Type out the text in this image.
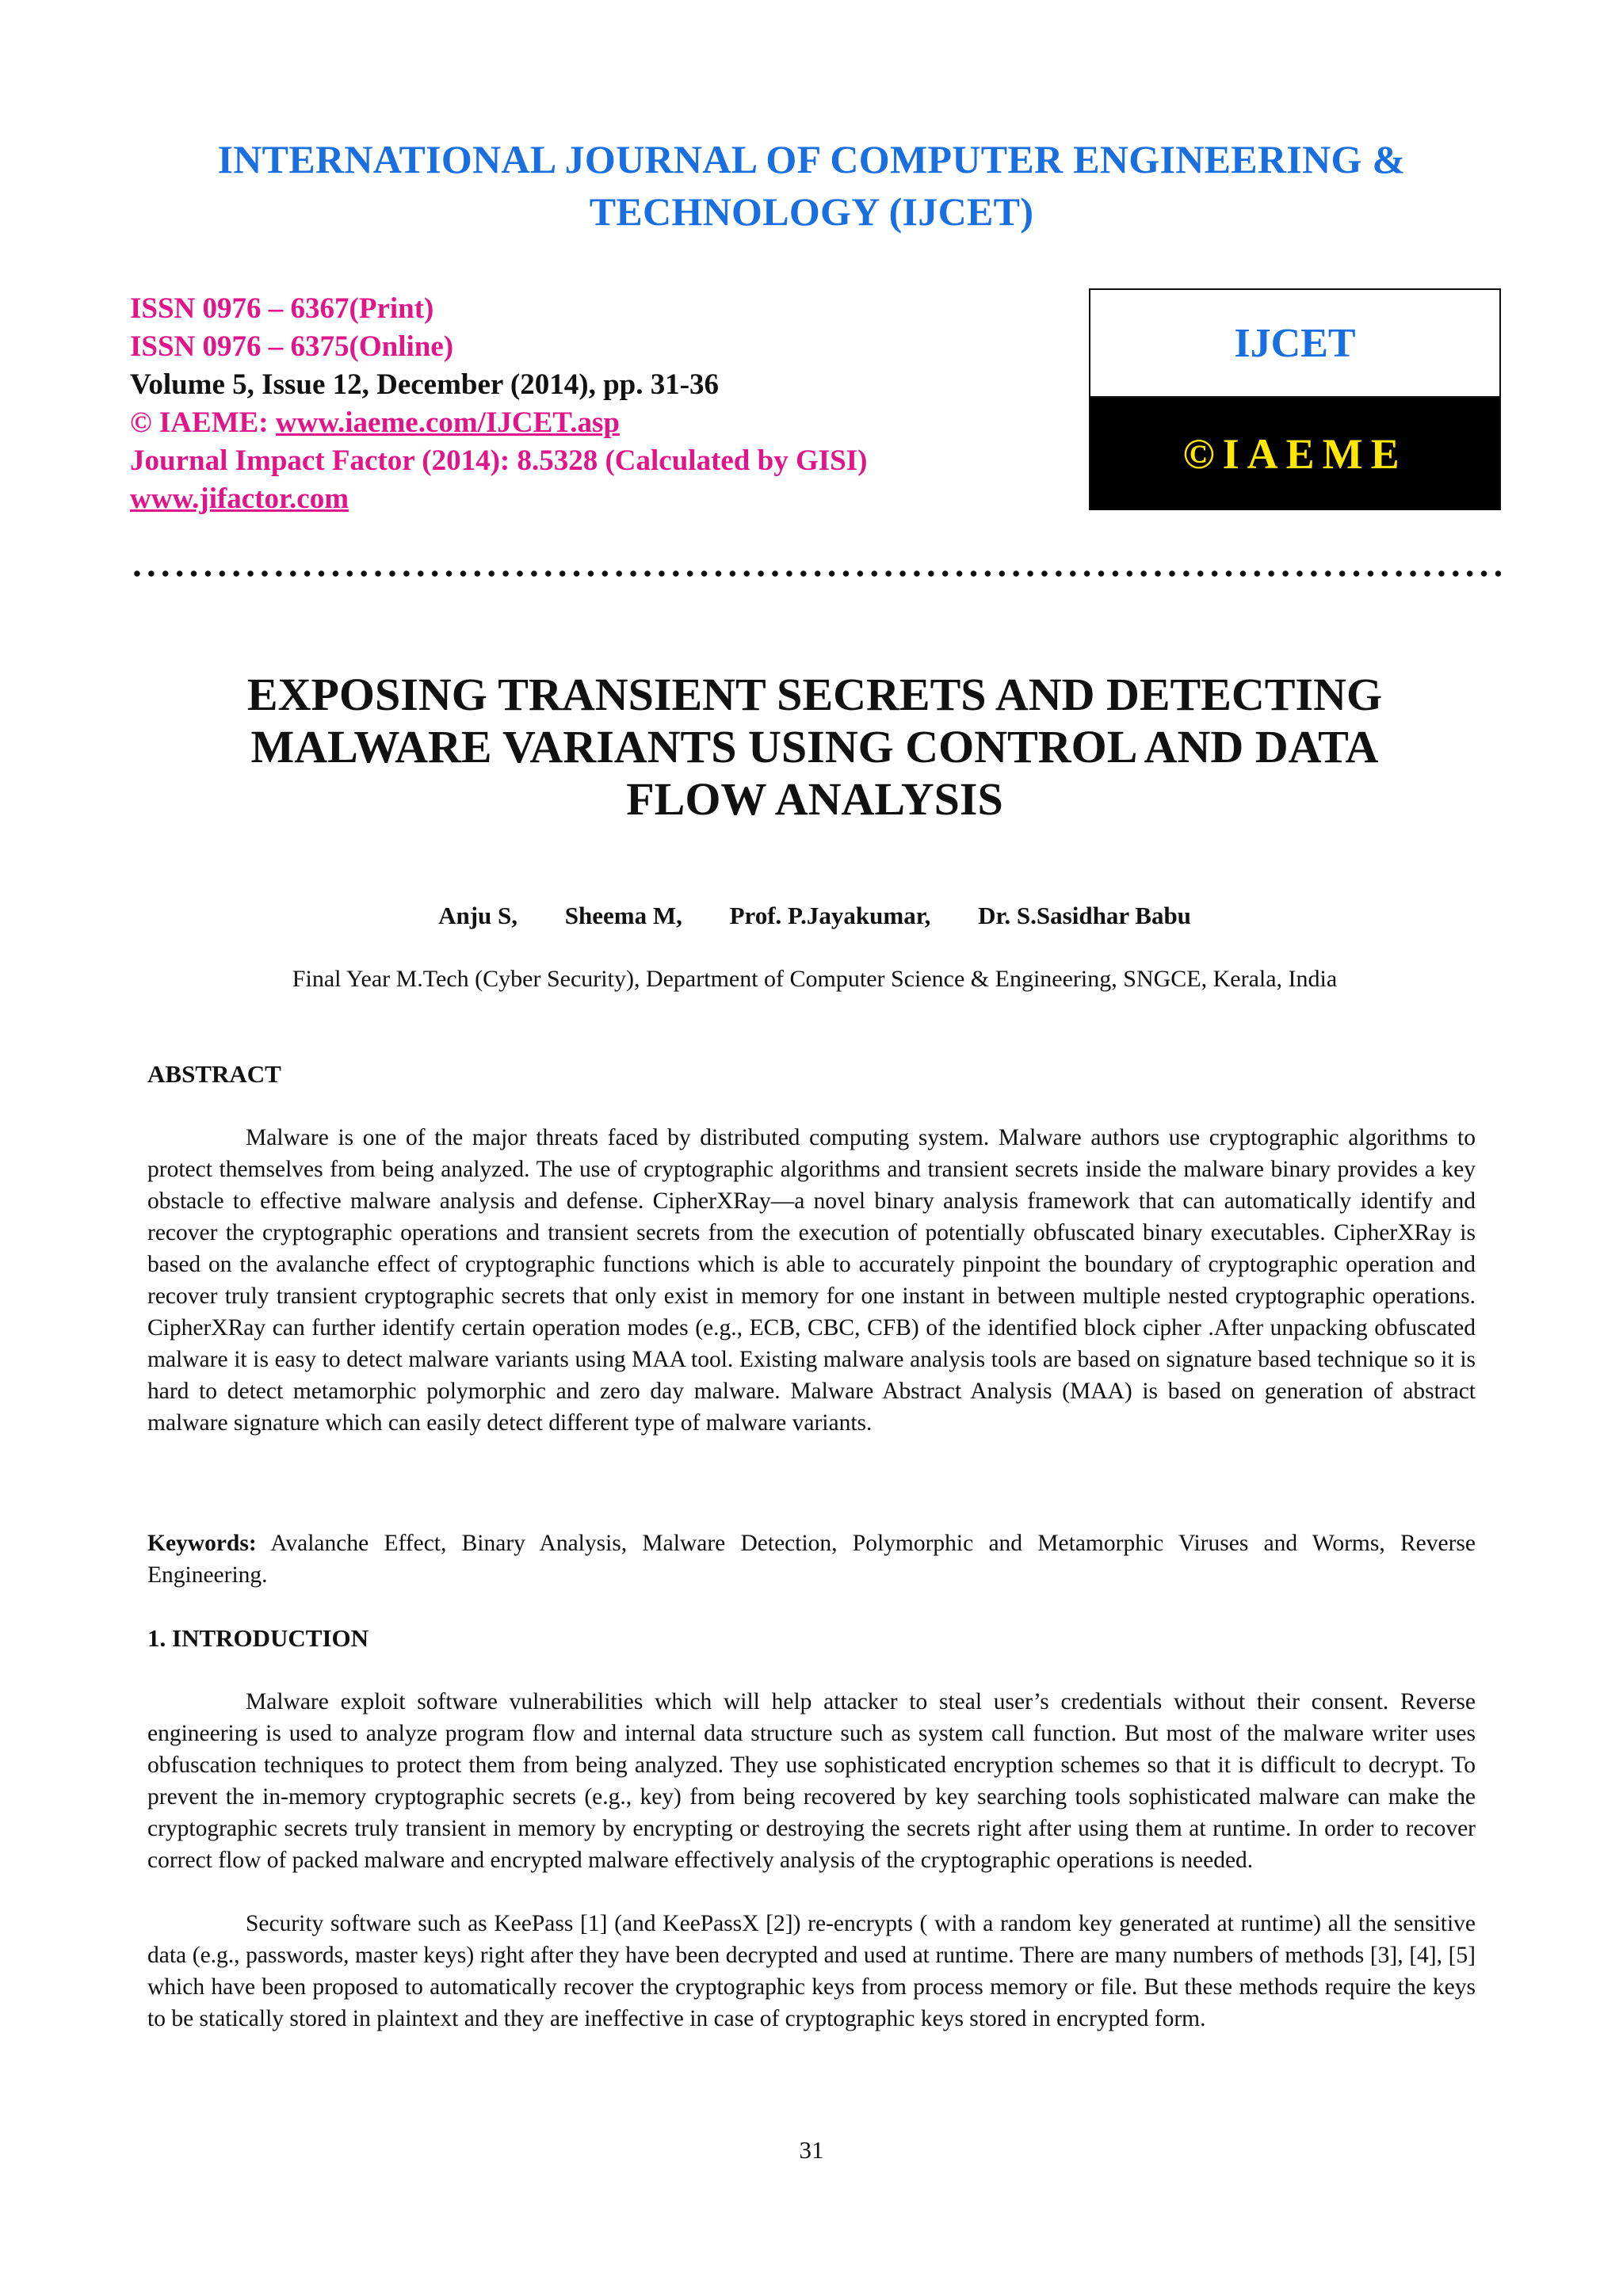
INTERNATIONAL JOURNAL OF COMPUTER ENGINEERING &
TECHNOLOGY (IJCET)
ISSN 0976 – 6367(Print)
ISSN 0976 – 6375(Online)
Volume 5, Issue 12, December (2014), pp. 31-36
© IAEME: www.iaeme.com/IJCET.asp
Journal Impact Factor (2014): 8.5328 (Calculated by GISI)
www.jifactor.com
IJCET
©IAEME
EXPOSING TRANSIENT SECRETS AND DETECTING
MALWARE VARIANTS USING CONTROL AND DATA
FLOW ANALYSIS
Anju S, Sheema M, Prof. P.Jayakumar, Dr. S.Sasidhar Babu
Final Year M.Tech (Cyber Security), Department of Computer Science & Engineering, SNGCE, Kerala, India
ABSTRACT
Malware is one of the major threats faced by distributed computing system. Malware authors use cryptographic algorithms to protect themselves from being analyzed. The use of cryptographic algorithms and transient secrets inside the malware binary provides a key obstacle to effective malware analysis and defense. CipherXRay—a novel binary analysis framework that can automatically identify and recover the cryptographic operations and transient secrets from the execution of potentially obfuscated binary executables. CipherXRay is based on the avalanche effect of cryptographic functions which is able to accurately pinpoint the boundary of cryptographic operation and recover truly transient cryptographic secrets that only exist in memory for one instant in between multiple nested cryptographic operations. CipherXRay can further identify certain operation modes (e.g., ECB, CBC, CFB) of the identified block cipher .After unpacking obfuscated malware it is easy to detect malware variants using MAA tool. Existing malware analysis tools are based on signature based technique so it is hard to detect metamorphic polymorphic and zero day malware. Malware Abstract Analysis (MAA) is based on generation of abstract malware signature which can easily detect different type of malware variants.
Keywords: Avalanche Effect, Binary Analysis, Malware Detection, Polymorphic and Metamorphic Viruses and Worms, Reverse Engineering.
1. INTRODUCTION
Malware exploit software vulnerabilities which will help attacker to steal user’s credentials without their consent. Reverse engineering is used to analyze program flow and internal data structure such as system call function. But most of the malware writer uses obfuscation techniques to protect them from being analyzed. They use sophisticated encryption schemes so that it is difficult to decrypt. To prevent the in-memory cryptographic secrets (e.g., key) from being recovered by key searching tools sophisticated malware can make the cryptographic secrets truly transient in memory by encrypting or destroying the secrets right after using them at runtime. In order to recover correct flow of packed malware and encrypted malware effectively analysis of the cryptographic operations is needed.
Security software such as KeePass [1] (and KeePassX [2]) re-encrypts ( with a random key generated at runtime) all the sensitive data (e.g., passwords, master keys) right after they have been decrypted and used at runtime. There are many numbers of methods [3], [4], [5] which have been proposed to automatically recover the cryptographic keys from process memory or file. But these methods require the keys to be statically stored in plaintext and they are ineffective in case of cryptographic keys stored in encrypted form.
31
